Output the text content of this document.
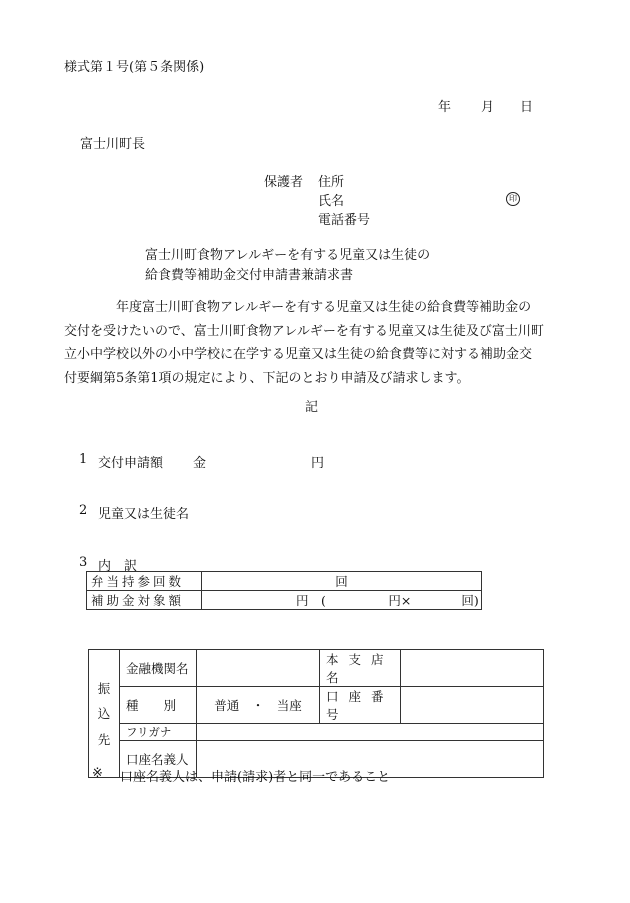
様式第１号(第５条関係)
年 月 日
富士川町長
保護者 住所
氏名	印
電話番号
富士川町食物アレルギーを有する児童又は生徒の
給食費等補助金交付申請書兼請求書
年度富士川町食物アレルギーを有する児童又は生徒の給食費等補助金の
交付を受けたいので、富士川町食物アレルギーを有する児童又は生徒及び富士川町
立小中学校以外の小中学校に在学する児童又は生徒の給食費等に対する補助金交
付要綱第5条第1項の規定により、下記のとおり申請及び請求します。
記
1 交付申請額 金	円
2 児童又は生徒名
3 内　訳
弁当持参回数	回
補助金対象額	円　(　　　　　円×　　　　回)
振
込
先	金融機関名		本 支 店 名	
	種　　別	普通　・　当座	口 座 番 号	
	フリガナ			
	口座名義人			
※ 口座名義人は、申請(請求)者と同一であること
